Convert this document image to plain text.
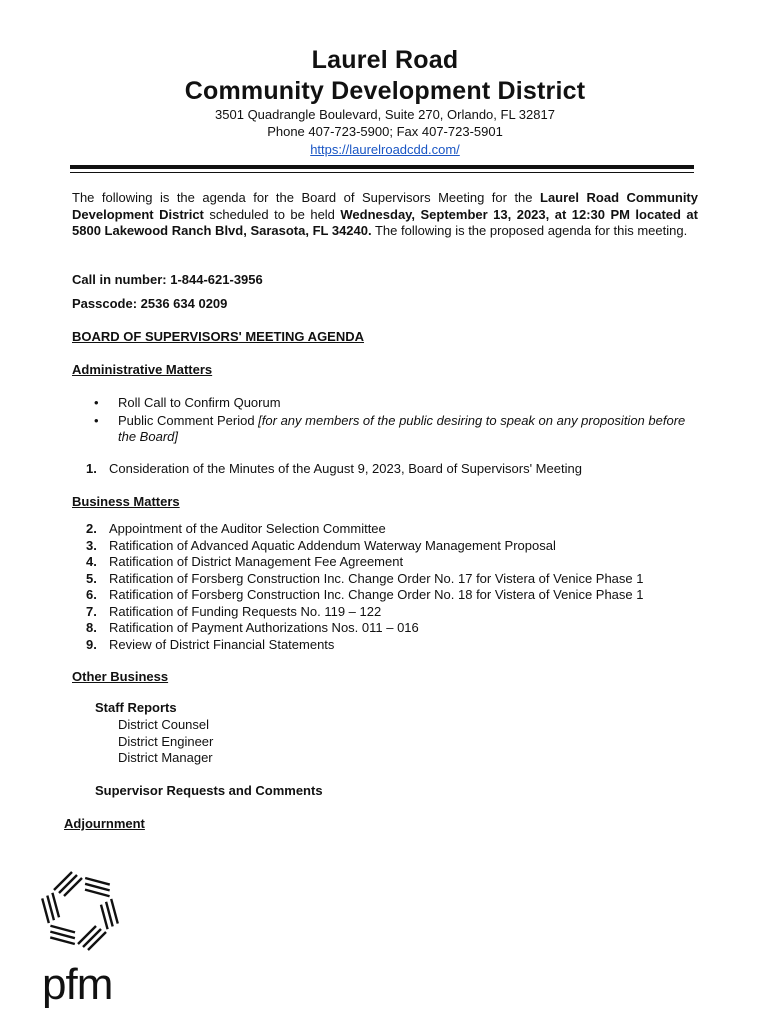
Laurel Road
Community Development District
3501 Quadrangle Boulevard, Suite 270, Orlando, FL 32817
Phone 407-723-5900; Fax 407-723-5901
https://laurelroadcdd.com/
The following is the agenda for the Board of Supervisors Meeting for the Laurel Road Community Development District scheduled to be held Wednesday, September 13, 2023, at 12:30 PM located at 5800 Lakewood Ranch Blvd, Sarasota, FL 34240. The following is the proposed agenda for this meeting.
Call in number: 1-844-621-3956
Passcode: 2536 634 0209
BOARD OF SUPERVISORS' MEETING AGENDA
Administrative Matters
• Roll Call to Confirm Quorum
• Public Comment Period [for any members of the public desiring to speak on any proposition before the Board]
1. Consideration of the Minutes of the August 9, 2023, Board of Supervisors' Meeting
Business Matters
2. Appointment of the Auditor Selection Committee
3. Ratification of Advanced Aquatic Addendum Waterway Management Proposal
4. Ratification of District Management Fee Agreement
5. Ratification of Forsberg Construction Inc. Change Order No. 17 for Vistera of Venice Phase 1
6. Ratification of Forsberg Construction Inc. Change Order No. 18 for Vistera of Venice Phase 1
7. Ratification of Funding Requests No. 119 – 122
8. Ratification of Payment Authorizations Nos. 011 – 016
9. Review of District Financial Statements
Other Business
Staff Reports
District Counsel
District Engineer
District Manager
Supervisor Requests and Comments
Adjournment
pfm
